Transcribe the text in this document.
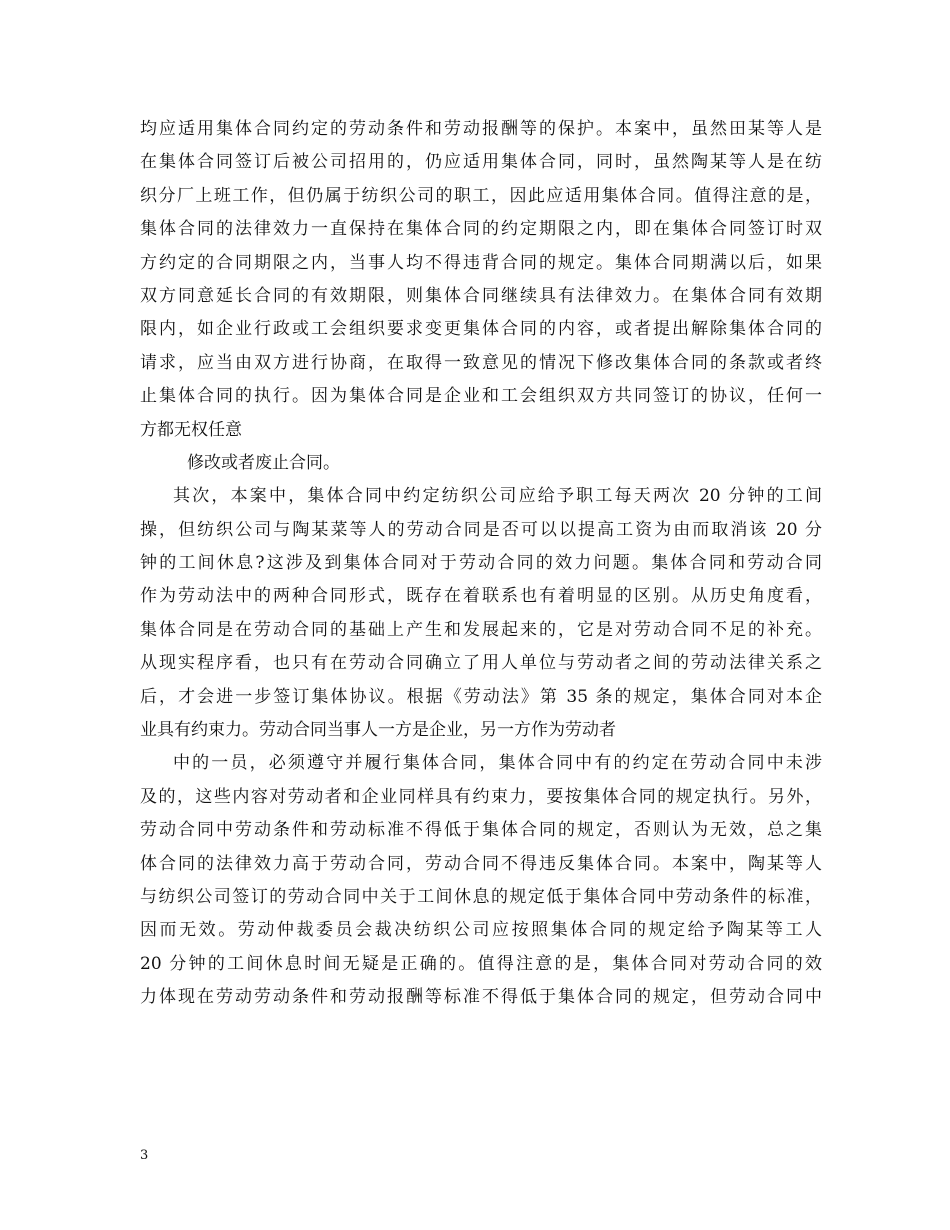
均应适用集体合同约定的劳动条件和劳动报酬等的保护。本案中，虽然田某等人是
在集体合同签订后被公司招用的，仍应适用集体合同，同时，虽然陶某等人是在纺
织分厂上班工作，但仍属于纺织公司的职工，因此应适用集体合同。值得注意的是，
集体合同的法律效力一直保持在集体合同的约定期限之内，即在集体合同签订时双
方约定的合同期限之内，当事人均不得违背合同的规定。集体合同期满以后，如果
双方同意延长合同的有效期限，则集体合同继续具有法律效力。在集体合同有效期
限内，如企业行政或工会组织要求变更集体合同的内容，或者提出解除集体合同的
请求，应当由双方进行协商，在取得一致意见的情况下修改集体合同的条款或者终
止集体合同的执行。因为集体合同是企业和工会组织双方共同签订的协议，任何一
方都无权任意
修改或者废止合同。
其次，本案中，集体合同中约定纺织公司应给予职工每天两次 20 分钟的工间
操，但纺织公司与陶某菜等人的劳动合同是否可以以提高工资为由而取消该 20 分
钟的工间休息?这涉及到集体合同对于劳动合同的效力问题。集体合同和劳动合同
作为劳动法中的两种合同形式，既存在着联系也有着明显的区别。从历史角度看，
集体合同是在劳动合同的基础上产生和发展起来的，它是对劳动合同不足的补充。
从现实程序看，也只有在劳动合同确立了用人单位与劳动者之间的劳动法律关系之
后，才会进一步签订集体协议。根据《劳动法》第 35 条的规定，集体合同对本企
业具有约束力。劳动合同当事人一方是企业，另一方作为劳动者
中的一员，必须遵守并履行集体合同，集体合同中有的约定在劳动合同中未涉
及的，这些内容对劳动者和企业同样具有约束力，要按集体合同的规定执行。另外，
劳动合同中劳动条件和劳动标准不得低于集体合同的规定，否则认为无效，总之集
体合同的法律效力高于劳动合同，劳动合同不得违反集体合同。本案中，陶某等人
与纺织公司签订的劳动合同中关于工间休息的规定低于集体合同中劳动条件的标准，
因而无效。劳动仲裁委员会裁决纺织公司应按照集体合同的规定给予陶某等工人
20 分钟的工间休息时间无疑是正确的。值得注意的是，集体合同对劳动合同的效
力体现在劳动劳动条件和劳动报酬等标准不得低于集体合同的规定，但劳动合同中
3
